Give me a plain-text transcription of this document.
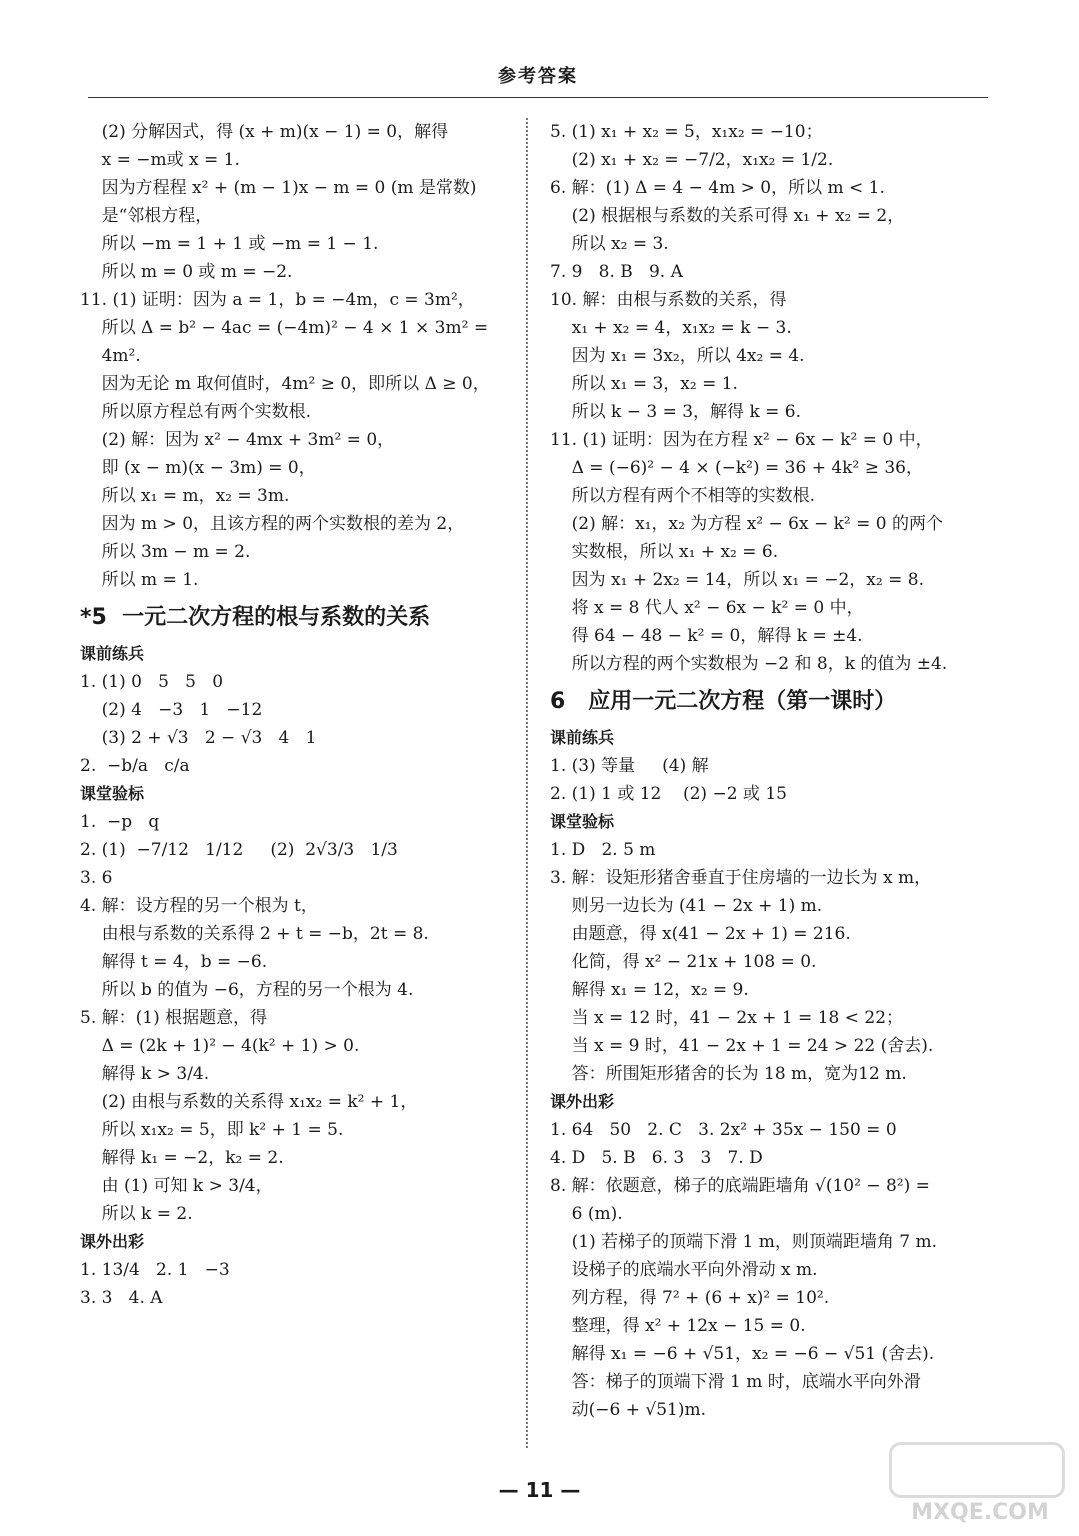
参考答案
(2) 分解因式，得 (x + m)(x − 1) = 0，解得
x = −m或 x = 1.
因为方程程 x² + (m − 1)x − m = 0 (m 是常数)
是“邻根方程，
所以 −m = 1 + 1 或 −m = 1 − 1.
所以 m = 0 或 m = −2.
11. (1) 证明：因为 a = 1，b = −4m，c = 3m²，
所以 Δ = b² − 4ac = (−4m)² − 4 × 1 × 3m² =
4m².
因为无论 m 取何值时，4m² ≥ 0，即所以 Δ ≥ 0，
所以原方程总有两个实数根.
(2) 解：因为 x² − 4mx + 3m² = 0，
即 (x − m)(x − 3m) = 0，
所以 x₁ = m，x₂ = 3m.
因为 m > 0，且该方程的两个实数根的差为 2，
所以 3m − m = 2.
所以 m = 1.
*5  一元二次方程的根与系数的关系
课前练兵
1. (1) 0   5   5   0
(2) 4   −3   1   −12
(3) 2 + √3   2 − √3   4   1
2.  −b/a   c/a
课堂验标
1.  −p   q
2. (1)  −7/12   1/12     (2)  2√3/3   1/3
3. 6
4. 解：设方程的另一个根为 t，
由根与系数的关系得 2 + t = −b，2t = 8.
解得 t = 4，b = −6.
所以 b 的值为 −6，方程的另一个根为 4.
5. 解：(1) 根据题意，得
Δ = (2k + 1)² − 4(k² + 1) > 0.
解得 k > 3/4.
(2) 由根与系数的关系得 x₁x₂ = k² + 1，
所以 x₁x₂ = 5，即 k² + 1 = 5.
解得 k₁ = −2，k₂ = 2.
由 (1) 可知 k > 3/4，
所以 k = 2.
课外出彩
1. 13/4   2. 1   −3
3. 3   4. A
5. (1) x₁ + x₂ = 5，x₁x₂ = −10；
(2) x₁ + x₂ = −7/2，x₁x₂ = 1/2.
6. 解：(1) Δ = 4 − 4m > 0，所以 m < 1.
(2) 根据根与系数的关系可得 x₁ + x₂ = 2，
所以 x₂ = 3.
7. 9   8. B   9. A
10. 解：由根与系数的关系，得
x₁ + x₂ = 4，x₁x₂ = k − 3.
因为 x₁ = 3x₂，所以 4x₂ = 4.
所以 x₁ = 3，x₂ = 1.
所以 k − 3 = 3，解得 k = 6.
11. (1) 证明：因为在方程 x² − 6x − k² = 0 中，
Δ = (−6)² − 4 × (−k²) = 36 + 4k² ≥ 36，
所以方程有两个不相等的实数根.
(2) 解：x₁，x₂ 为方程 x² − 6x − k² = 0 的两个
实数根，所以 x₁ + x₂ = 6.
因为 x₁ + 2x₂ = 14，所以 x₁ = −2，x₂ = 8.
将 x = 8 代人 x² − 6x − k² = 0 中，
得 64 − 48 − k² = 0，解得 k = ±4.
所以方程的两个实数根为 −2 和 8，k 的值为 ±4.
6   应用一元二次方程（第一课时）
课前练兵
1. (3) 等量     (4) 解
2. (1) 1 或 12    (2) −2 或 15
课堂验标
1. D   2. 5 m
3. 解：设矩形猪舍垂直于住房墙的一边长为 x m，
则另一边长为 (41 − 2x + 1) m.
由题意，得 x(41 − 2x + 1) = 216.
化简，得 x² − 21x + 108 = 0.
解得 x₁ = 12，x₂ = 9.
当 x = 12 时，41 − 2x + 1 = 18 < 22；
当 x = 9 时，41 − 2x + 1 = 24 > 22 (舍去).
答：所围矩形猪舍的长为 18 m，宽为12 m.
课外出彩
1. 64   50   2. C   3. 2x² + 35x − 150 = 0
4. D   5. B   6. 3   3   7. D
8. 解：依题意，梯子的底端距墙角 √(10² − 8²) =
6 (m).
(1) 若梯子的顶端下滑 1 m，则顶端距墙角 7 m.
设梯子的底端水平向外滑动 x m.
列方程，得 7² + (6 + x)² = 10².
整理，得 x² + 12x − 15 = 0.
解得 x₁ = −6 + √51，x₂ = −6 − √51 (舍去).
答：梯子的顶端下滑 1 m 时，底端水平向外滑
动(−6 + √51)m.
— 11 —
MXQE.COM
